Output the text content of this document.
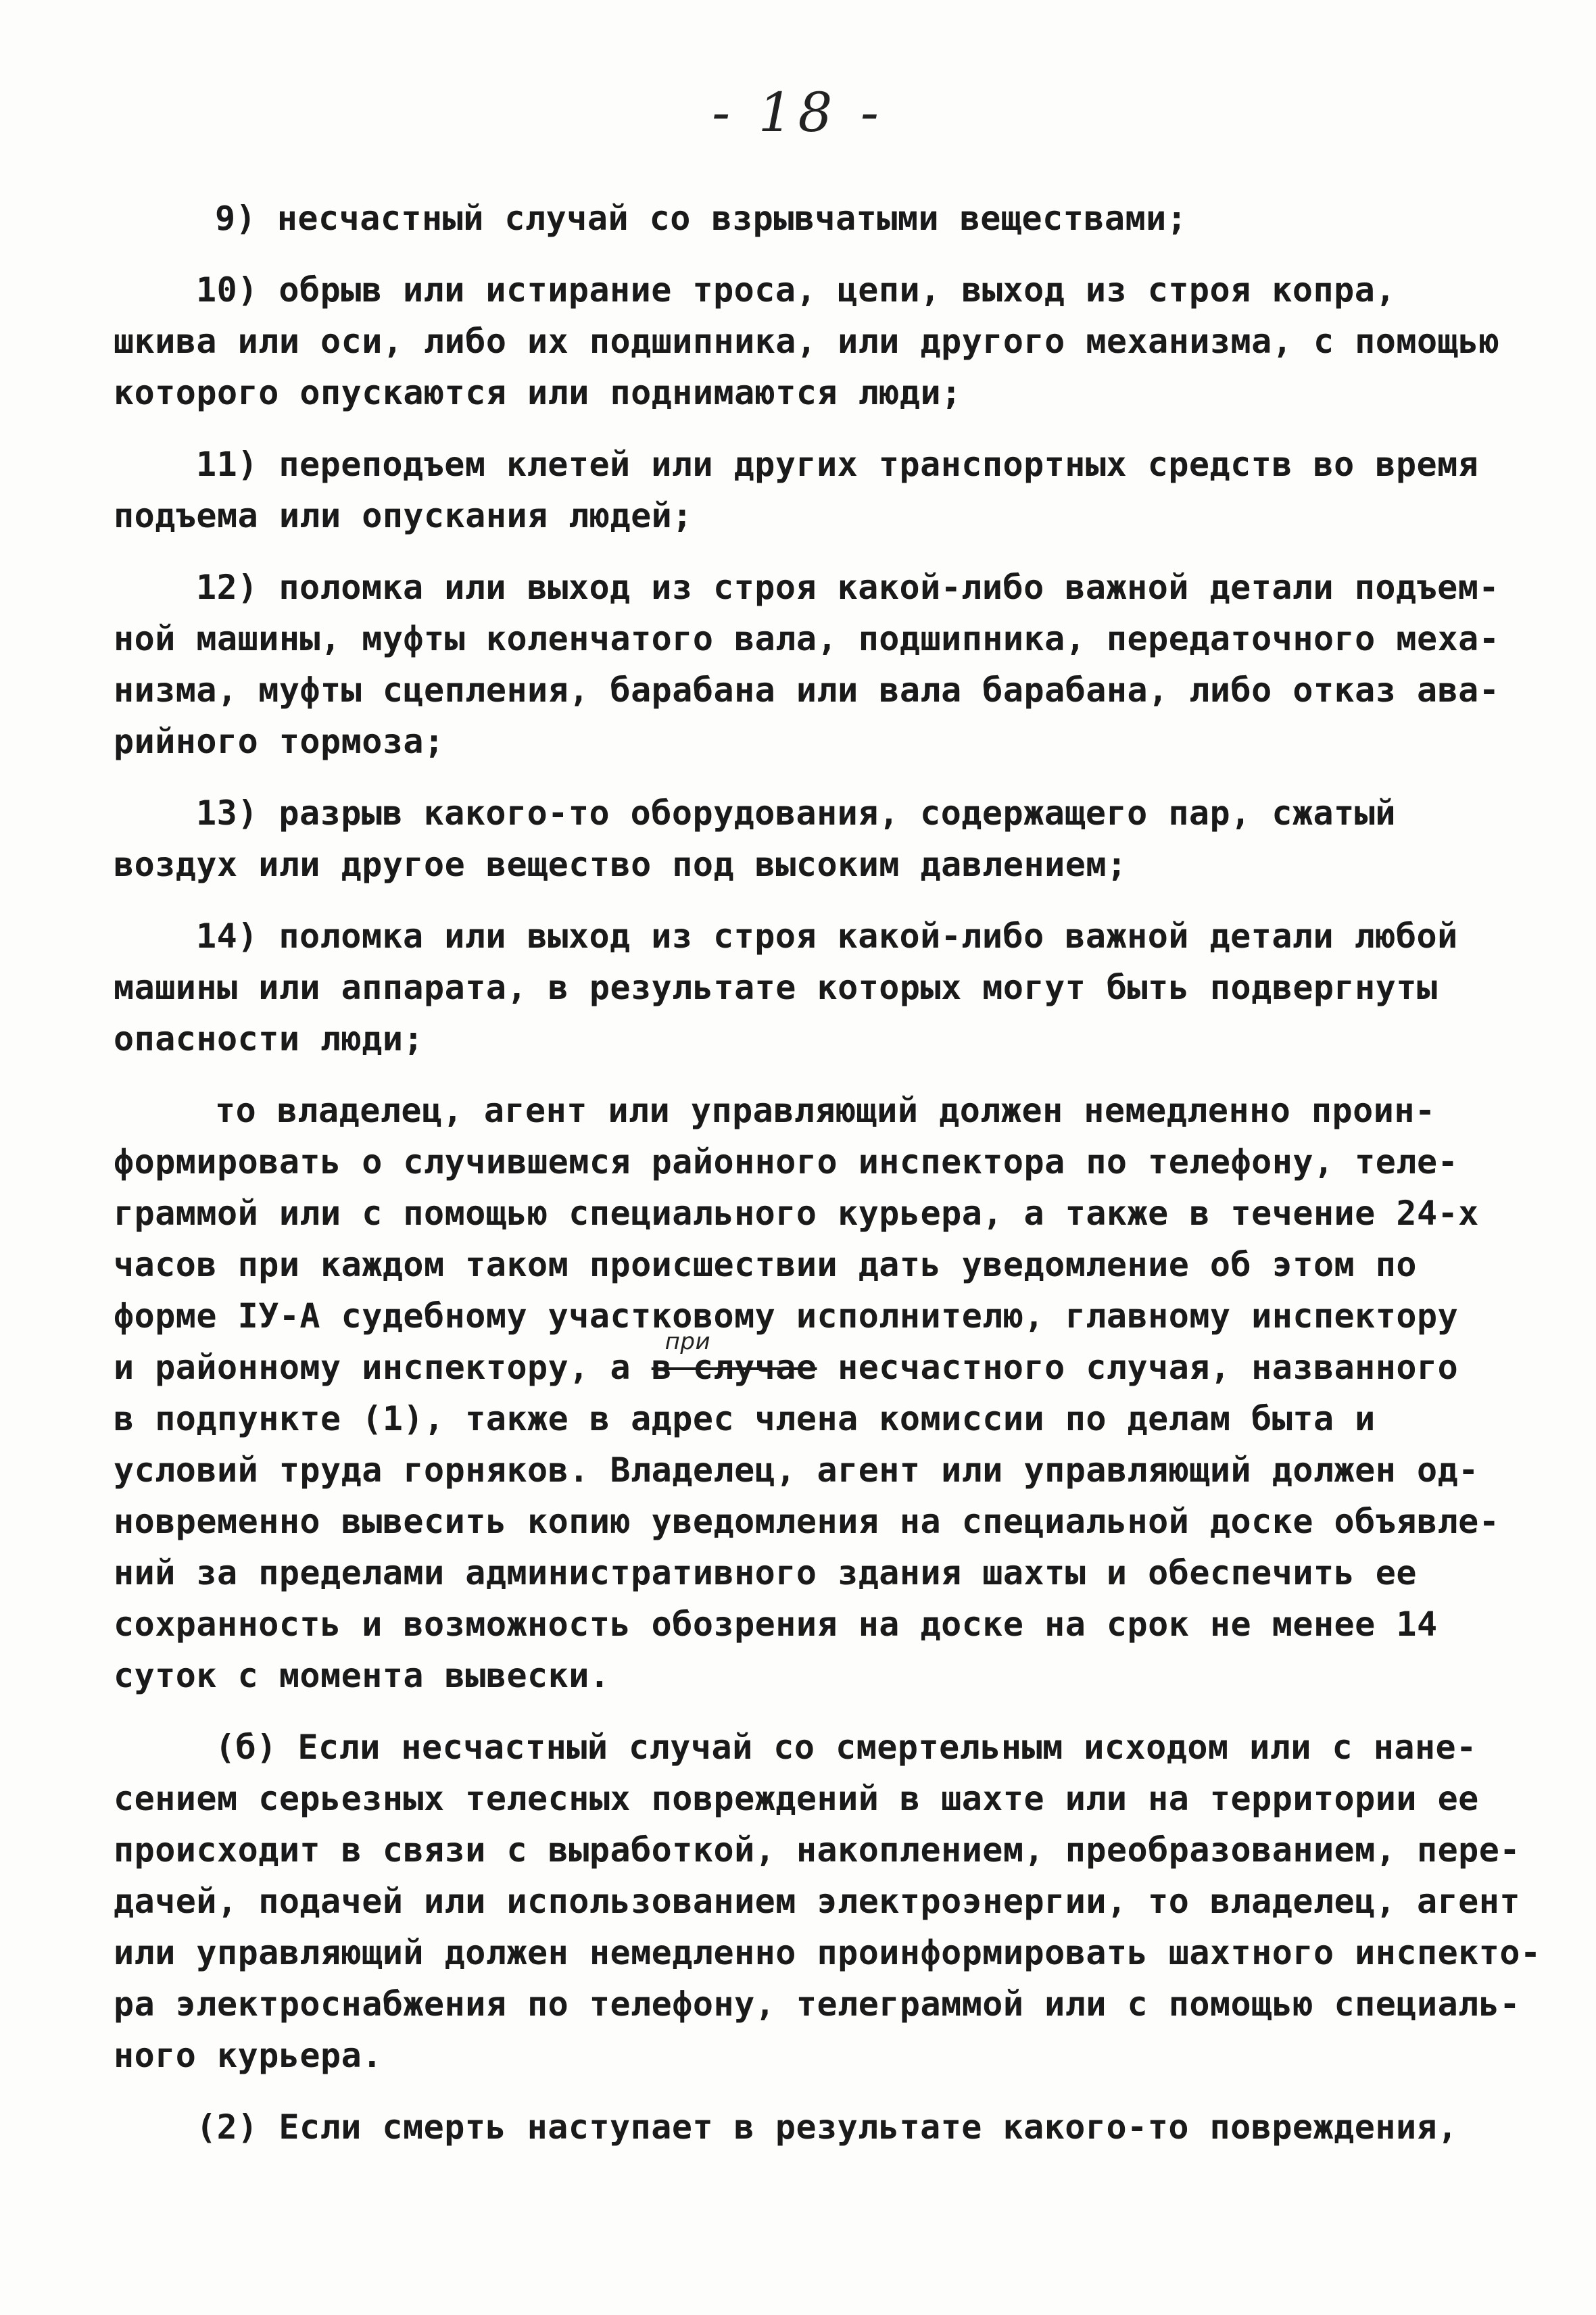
- 18 -
9) несчастный случай со взрывчатыми веществами;
10) обрыв или истирание троса, цепи, выход из строя копра,
шкива или оси, либо их подшипника, или другого механизма, с помощью
которого опускаются или поднимаются люди;
11) переподъем клетей или других транспортных средств во время
подъема или опускания людей;
12) поломка или выход из строя какой-либо важной детали подъем-
ной машины, муфты коленчатого вала, подшипника, передаточного меха-
низма, муфты сцепления, барабана или вала барабана, либо отказ ава-
рийного тормоза;
13) разрыв какого-то оборудования, содержащего пар, сжатый
воздух или другое вещество под высоким давлением;
14) поломка или выход из строя какой-либо важной детали любой
машины или аппарата, в результате которых могут быть подвергнуты
опасности люди;
то владелец, агент или управляющий должен немедленно проин-
формировать о случившемся районного инспектора по телефону, теле-
граммой или с помощью специального курьера, а также в течение 24-х
часов при каждом таком происшествии дать уведомление об этом по
форме IУ-А судебному участковому исполнителю, главному инспектору
и районному инспектору, а
при
в случае несчастного случая, названного
в подпункте (1), также в адрес члена комиссии по делам быта и
условий труда горняков. Владелец, агент или управляющий должен од-
новременно вывесить копию уведомления на специальной доске объявле-
ний за пределами административного здания шахты и обеспечить ее
сохранность и возможность обозрения на доске на срок не менее 14
суток с момента вывески.
(б) Если несчастный случай со смертельным исходом или с нане-
сением серьезных телесных повреждений в шахте или на территории ее
происходит в связи с выработкой, накоплением, преобразованием, пере-
дачей, подачей или использованием электроэнергии, то владелец, агент
или управляющий должен немедленно проинформировать шахтного инспекто-
ра электроснабжения по телефону, телеграммой или с помощью специаль-
ного курьера.
(2) Если смерть наступает в результате какого-то повреждения,
